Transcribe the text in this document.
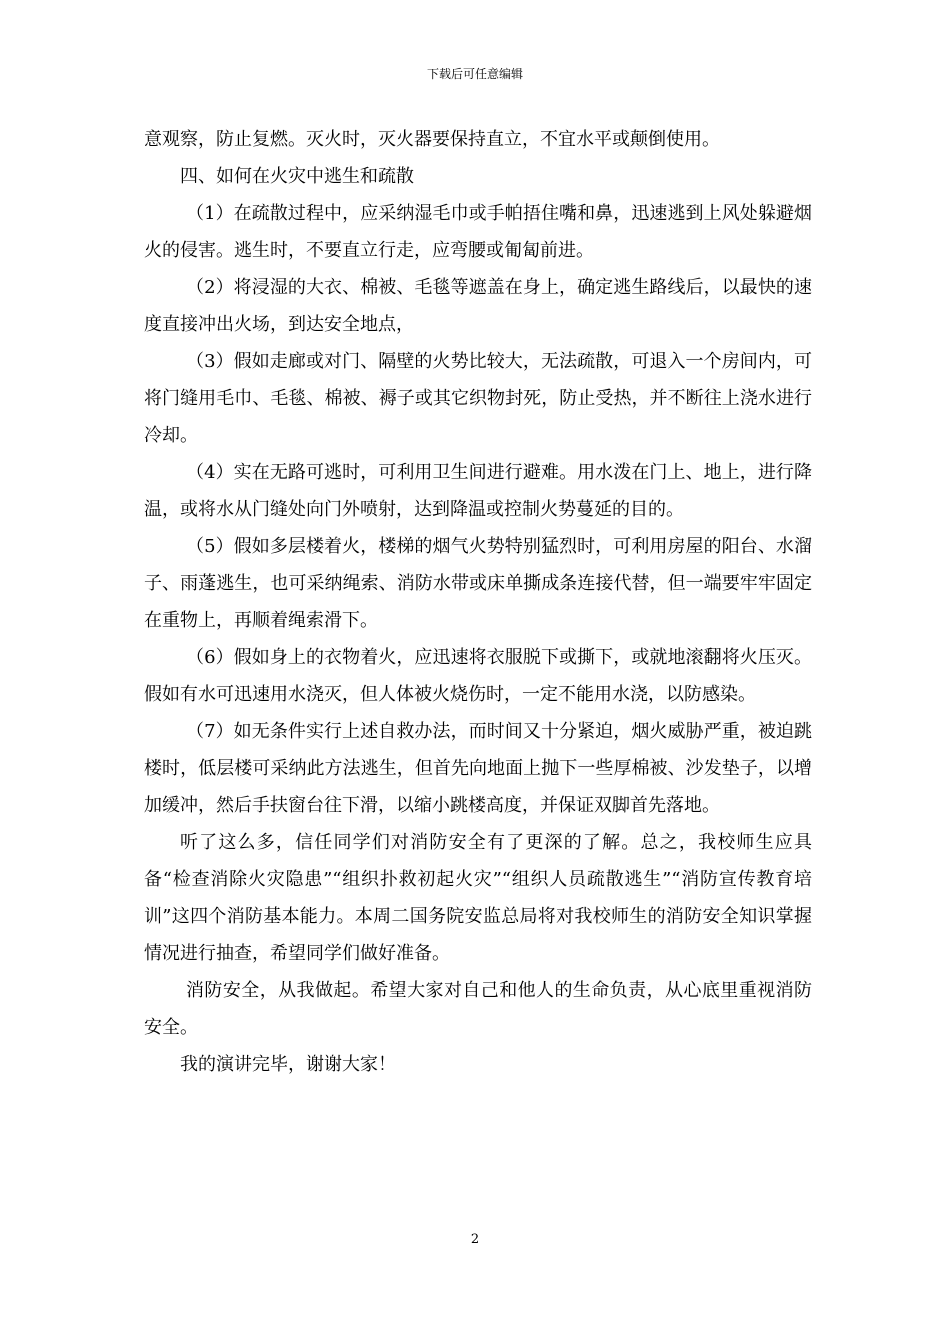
下载后可任意编辑

意观察，防止复燃。灭火时，灭火器要保持直立，不宜水平或颠倒使用。

四、如何在火灾中逃生和疏散

（1）在疏散过程中，应采纳湿毛巾或手帕捂住嘴和鼻，迅速逃到上风处躲避烟火的侵害。逃生时，不要直立行走，应弯腰或匍匐前进。

（2）将浸湿的大衣、棉被、毛毯等遮盖在身上，确定逃生路线后，以最快的速度直接冲出火场，到达安全地点，

（3）假如走廊或对门、隔壁的火势比较大，无法疏散，可退入一个房间内，可将门缝用毛巾、毛毯、棉被、褥子或其它织物封死，防止受热，并不断往上浇水进行冷却。

（4）实在无路可逃时，可利用卫生间进行避难。用水泼在门上、地上，进行降温，或将水从门缝处向门外喷射，达到降温或控制火势蔓延的目的。

（5）假如多层楼着火，楼梯的烟气火势特别猛烈时，可利用房屋的阳台、水溜子、雨蓬逃生，也可采纳绳索、消防水带或床单撕成条连接代替，但一端要牢牢固定在重物上，再顺着绳索滑下。

（6）假如身上的衣物着火，应迅速将衣服脱下或撕下，或就地滚翻将火压灭。假如有水可迅速用水浇灭，但人体被火烧伤时，一定不能用水浇，以防感染。

（7）如无条件实行上述自救办法，而时间又十分紧迫，烟火威胁严重，被迫跳楼时，低层楼可采纳此方法逃生，但首先向地面上抛下一些厚棉被、沙发垫子，以增加缓冲，然后手扶窗台往下滑，以缩小跳楼高度，并保证双脚首先落地。

听了这么多，信任同学们对消防安全有了更深的了解。总之，我校师生应具备“检查消除火灾隐患”“组织扑救初起火灾”“组织人员疏散逃生”“消防宣传教育培训”这四个消防基本能力。本周二国务院安监总局将对我校师生的消防安全知识掌握情况进行抽查，希望同学们做好准备。

消防安全，从我做起。希望大家对自己和他人的生命负责，从心底里重视消防安全。

我的演讲完毕，谢谢大家！

2
